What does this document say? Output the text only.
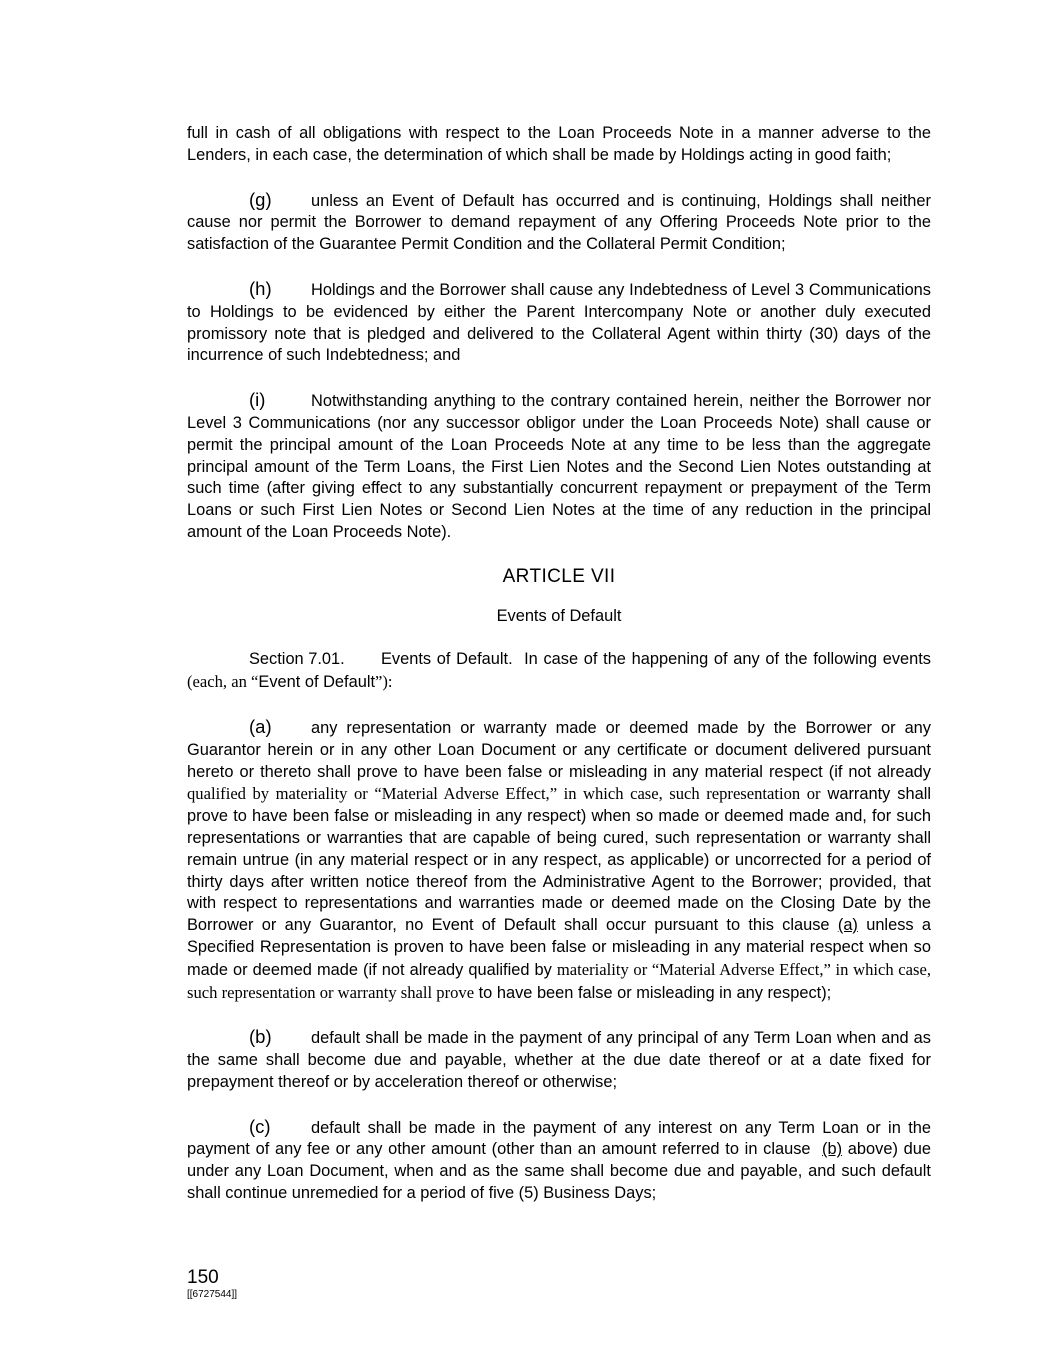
full in cash of all obligations with respect to the Loan Proceeds Note in a manner adverse to the Lenders, in each case, the determination of which shall be made by Holdings acting in good faith;

(g) unless an Event of Default has occurred and is continuing, Holdings shall neither cause nor permit the Borrower to demand repayment of any Offering Proceeds Note prior to the satisfaction of the Guarantee Permit Condition and the Collateral Permit Condition;

(h) Holdings and the Borrower shall cause any Indebtedness of Level 3 Communications to Holdings to be evidenced by either the Parent Intercompany Note or another duly executed promissory note that is pledged and delivered to the Collateral Agent within thirty (30) days of the incurrence of such Indebtedness; and

(i)	Notwithstanding anything to the contrary contained herein, neither the Borrower nor Level 3 Communications (nor any successor obligor under the Loan Proceeds Note) shall cause or permit the principal amount of the Loan Proceeds Note at any time to be less than the aggregate principal amount of the Term Loans, the First Lien Notes and the Second Lien Notes outstanding at such time (after giving effect to any substantially concurrent repayment or prepayment of the Term Loans or such First Lien Notes or Second Lien Notes at the time of any reduction in the principal amount of the Loan Proceeds Note).

ARTICLE VII

Events of Default

Section 7.01. Events of Default. In case of the happening of any of the following events (each, an “Event of Default”):

(a) any representation or warranty made or deemed made by the Borrower or any Guarantor herein or in any other Loan Document or any certificate or document delivered pursuant hereto or thereto shall prove to have been false or misleading in any material respect (if not already qualified by materiality or “Material Adverse Effect,” in which case, such representation or warranty shall prove to have been false or misleading in any respect) when so made or deemed made and, for such representations or warranties that are capable of being cured, such representation or warranty shall remain untrue (in any material respect or in any respect, as applicable) or uncorrected for a period of thirty days after written notice thereof from the Administrative Agent to the Borrower; provided, that with respect to representations and warranties made or deemed made on the Closing Date by the Borrower or any Guarantor, no Event of Default shall occur pursuant to this clause (a) unless a Specified Representation is proven to have been false or misleading in any material respect when so made or deemed made (if not already qualified by materiality or “Material Adverse Effect,” in which case, such representation or warranty shall prove to have been false or misleading in any respect);

(b) default shall be made in the payment of any principal of any Term Loan when and as the same shall become due and payable, whether at the due date thereof or at a date fixed for prepayment thereof or by acceleration thereof or otherwise;

(c) default shall be made in the payment of any interest on any Term Loan or in the payment of any fee or any other amount (other than an amount referred to in clause (b) above) due under any Loan Document, when and as the same shall become due and payable, and such default shall continue unremedied for a period of five (5) Business Days;

150
[[6727544]]
